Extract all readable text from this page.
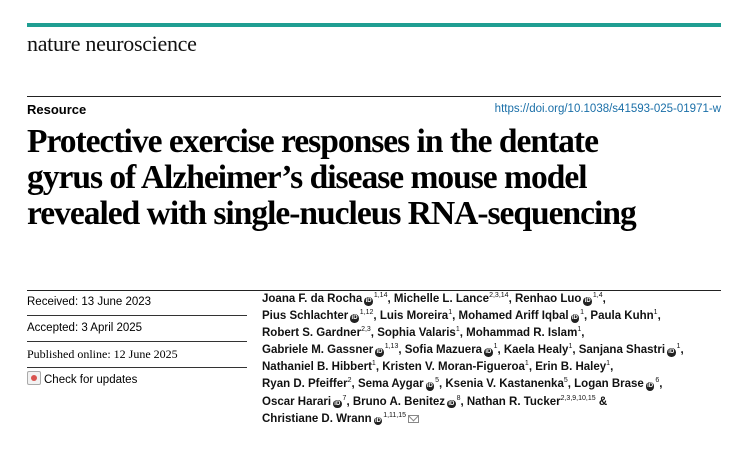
nature neuroscience
Resource	https://doi.org/10.1038/s41593-025-01971-w
Protective exercise responses in the dentate
gyrus of Alzheimer’s disease mouse model
revealed with single-nucleus RNA-sequencing
Received: 13 June 2023
Accepted: 3 April 2025
Published online: 12 June 2025
Check for updates
Joana F. da RochaiD $^{1,14}$, Michelle L. Lance$^{2,3,14}$, Renhao LuoiD $^{1,4}$,
Pius SchlachteriD $^{1,12}$, Luis Moreira$^1$, Mohamed Ariff IqbaliD $^1$, Paula Kuhn$^1$,
Robert S. Gardner$^{2,3}$, Sophia Valaris$^1$, Mohammad R. Islam$^1$,
Gabriele M. GassneriD $^{1,13}$, Sofia MazueraiD $^1$, Kaela Healy$^1$, Sanjana ShastriiD $^1$,
Nathaniel B. Hibbert$^1$, Kristen V. Moran-Figueroa$^1$, Erin B. Haley$^1$,
Ryan D. Pfeiffer$^2$, Sema AygariD $^5$, Ksenia V. Kastanenka$^5$, Logan BraseiD $^6$,
Oscar HarariiD $^7$, Bruno A. BeniteziD $^8$, Nathan R. Tucker$^{2,3,9,10,15}$ &
Christiane D. WranniD $^{1,11,15}$
